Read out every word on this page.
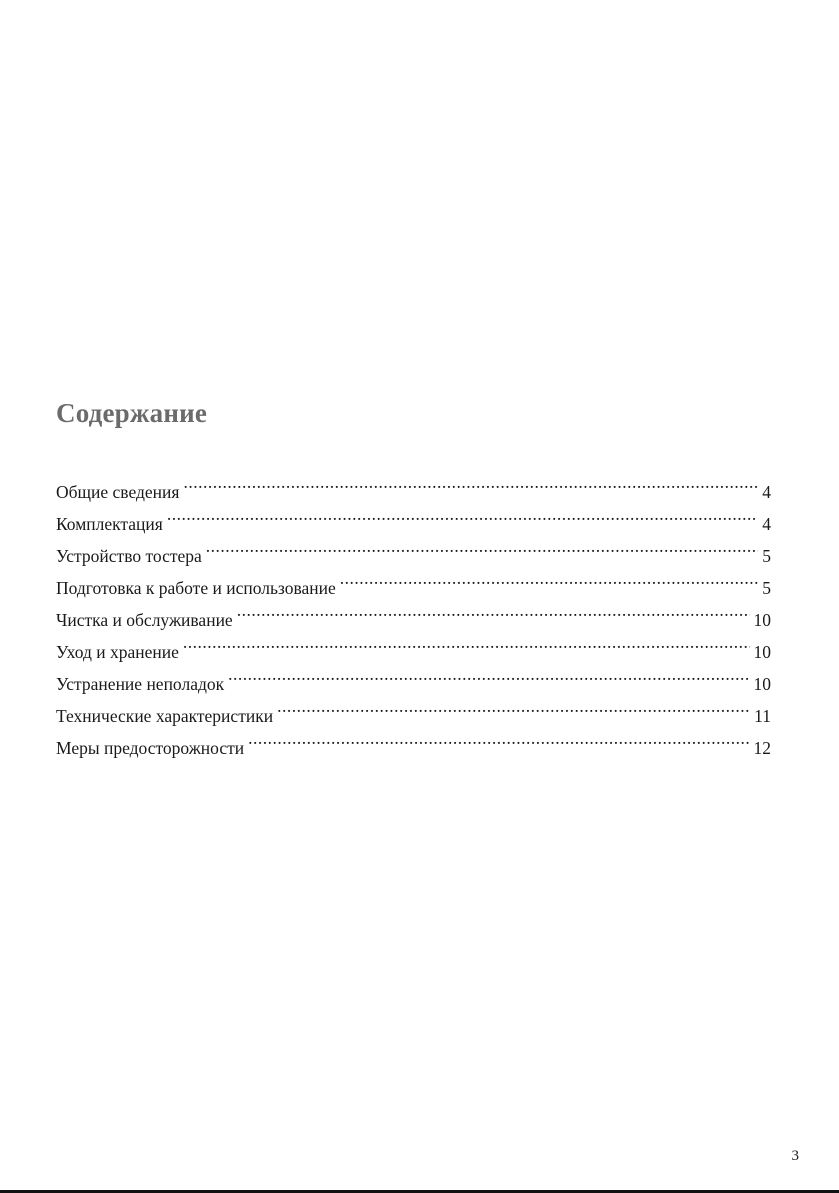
Содержание
Общие сведения .....	4
Комплектация .....	4
Устройство тостера .....	5
Подготовка к работе и использование .....	5
Чистка и обслуживание .....	10
Уход и хранение .....	10
Устранение неполадок .....	10
Технические характеристики .....	11
Меры предосторожности .....	12
3
